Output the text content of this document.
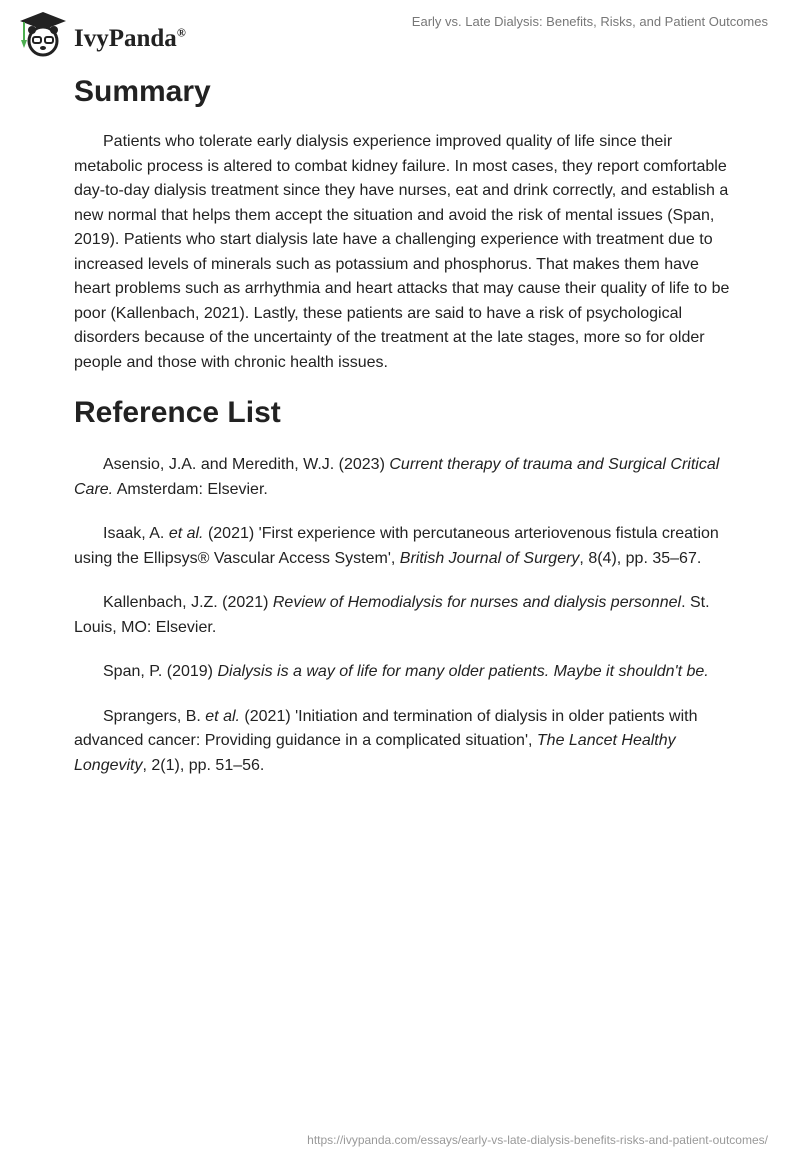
IvyPanda®
Early vs. Late Dialysis: Benefits, Risks, and Patient Outcomes
Summary

Patients who tolerate early dialysis experience improved quality of life since their metabolic process is altered to combat kidney failure. In most cases, they report comfortable day-to-day dialysis treatment since they have nurses, eat and drink correctly, and establish a new normal that helps them accept the situation and avoid the risk of mental issues (Span, 2019). Patients who start dialysis late have a challenging experience with treatment due to increased levels of minerals such as potassium and phosphorus. That makes them have heart problems such as arrhythmia and heart attacks that may cause their quality of life to be poor (Kallenbach, 2021). Lastly, these patients are said to have a risk of psychological disorders because of the uncertainty of the treatment at the late stages, more so for older people and those with chronic health issues.

Reference List

Asensio, J.A. and Meredith, W.J. (2023) Current therapy of trauma and Surgical Critical Care. Amsterdam: Elsevier.

Isaak, A. et al. (2021) 'First experience with percutaneous arteriovenous fistula creation using the Ellipsys® Vascular Access System', British Journal of Surgery, 8(4), pp. 35–67.

Kallenbach, J.Z. (2021) Review of Hemodialysis for nurses and dialysis personnel. St. Louis, MO: Elsevier.

Span, P. (2019) Dialysis is a way of life for many older patients. Maybe it shouldn't be.

Sprangers, B. et al. (2021) 'Initiation and termination of dialysis in older patients with advanced cancer: Providing guidance in a complicated situation', The Lancet Healthy Longevity, 2(1), pp. 51–56.

https://ivypanda.com/essays/early-vs-late-dialysis-benefits-risks-and-patient-outcomes/
